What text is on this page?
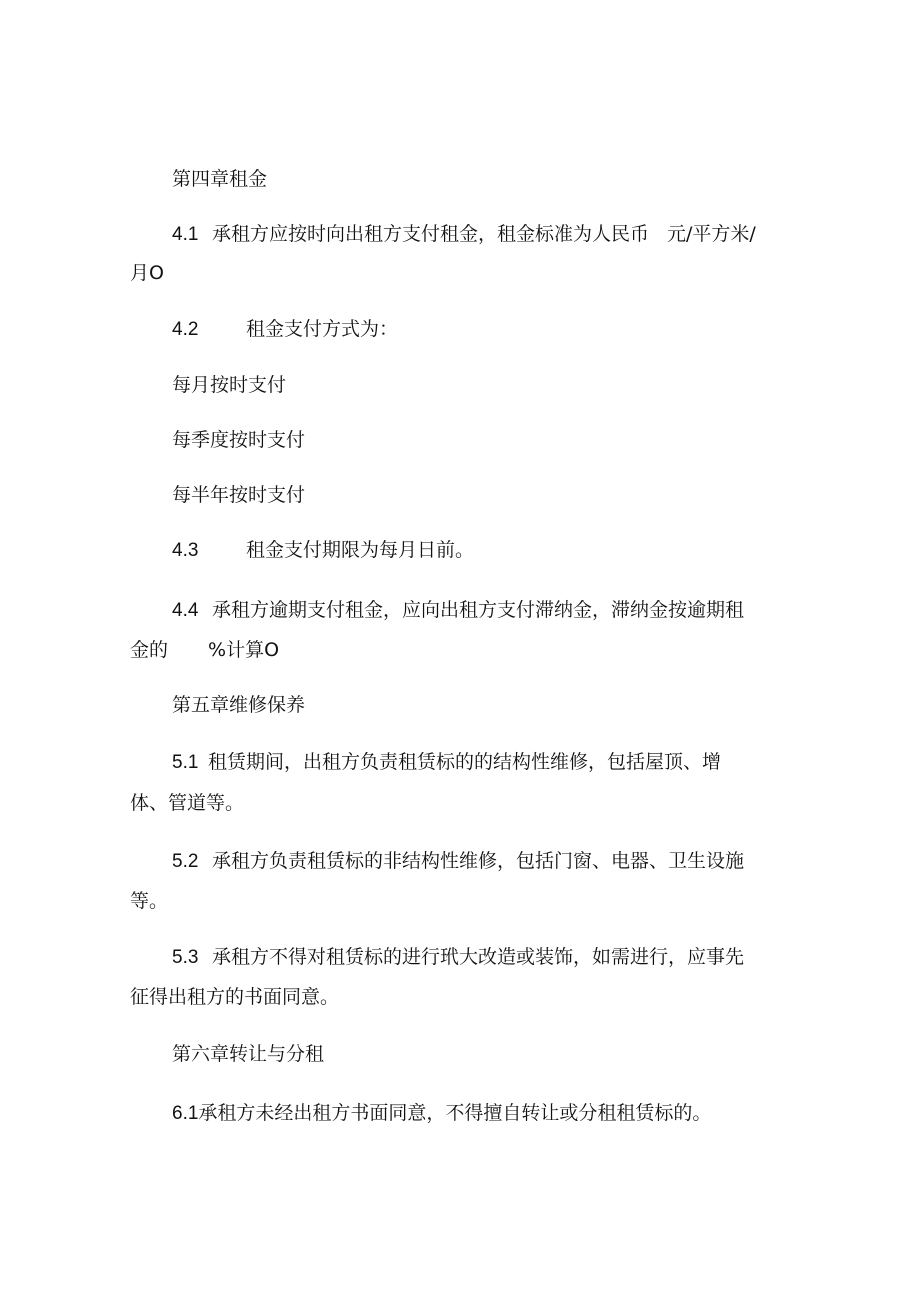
第四章租金
4.1 承租方应按时向出租方支付租金，租金标准为人民币 元/平方米/
月O
4.2	租金支付方式为：
每月按时支付
每季度按时支付
每半年按时支付
4.3	租金支付期限为每月日前。
4.4 承租方逾期支付租金，应向出租方支付滞纳金，滞纳金按逾期租
金的 %计算O
第五章维修保养
5.1 租赁期间，出租方负责租赁标的的结构性维修，包括屋顶、增
体、管道等。
5.2 承租方负责租赁标的非结构性维修，包括门窗、电器、卫生设施
等。
5.3 承租方不得对租赁标的进行玳大改造或装饰，如需进行，应事先
征得出租方的书面同意。
第六章转让与分租
6.1承租方未经出租方书面同意，不得擅自转让或分租租赁标的。
